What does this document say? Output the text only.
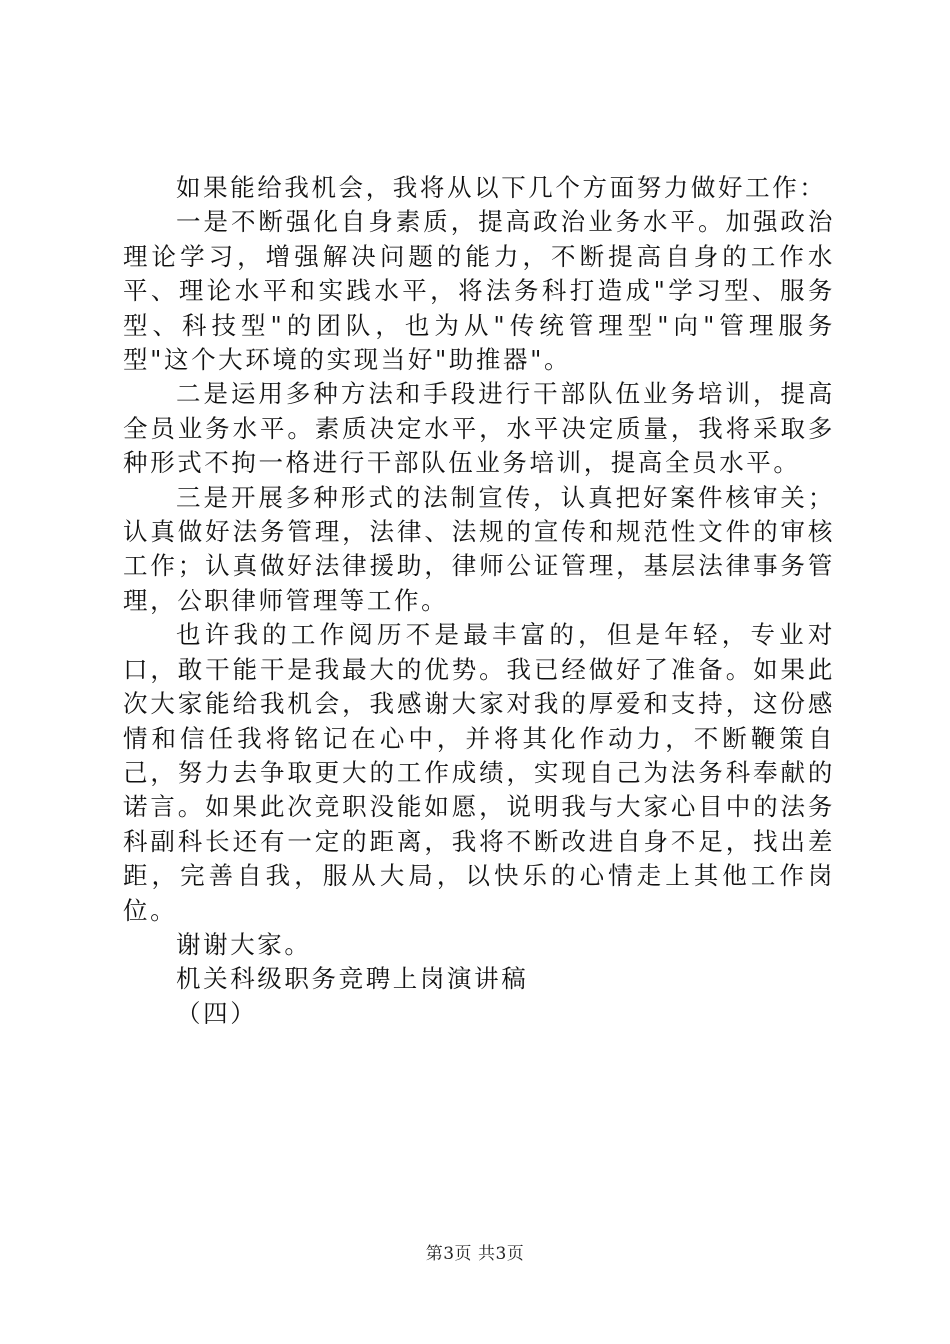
如果能给我机会，我将从以下几个方面努力做好工作：

一是不断强化自身素质，提高政治业务水平。加强政治理论学习，增强解决问题的能力，不断提高自身的工作水平、理论水平和实践水平，将法务科打造成"学习型、服务型、科技型"的团队，也为从"传统管理型"向"管理服务型"这个大环境的实现当好"助推器"。

二是运用多种方法和手段进行干部队伍业务培训，提高全员业务水平。素质决定水平，水平决定质量，我将采取多种形式不拘一格进行干部队伍业务培训，提高全员水平。

三是开展多种形式的法制宣传，认真把好案件核审关；认真做好法务管理，法律、法规的宣传和规范性文件的审核工作；认真做好法律援助，律师公证管理，基层法律事务管理，公职律师管理等工作。

也许我的工作阅历不是最丰富的，但是年轻，专业对口，敢干能干是我最大的优势。我已经做好了准备。如果此次大家能给我机会，我感谢大家对我的厚爱和支持，这份感情和信任我将铭记在心中，并将其化作动力，不断鞭策自己，努力去争取更大的工作成绩，实现自己为法务科奉献的诺言。如果此次竞职没能如愿，说明我与大家心目中的法务科副科长还有一定的距离，我将不断改进自身不足，找出差距，完善自我，服从大局，以快乐的心情走上其他工作岗位。

谢谢大家。

机关科级职务竞聘上岗演讲稿

（四）

第3页 共3页
